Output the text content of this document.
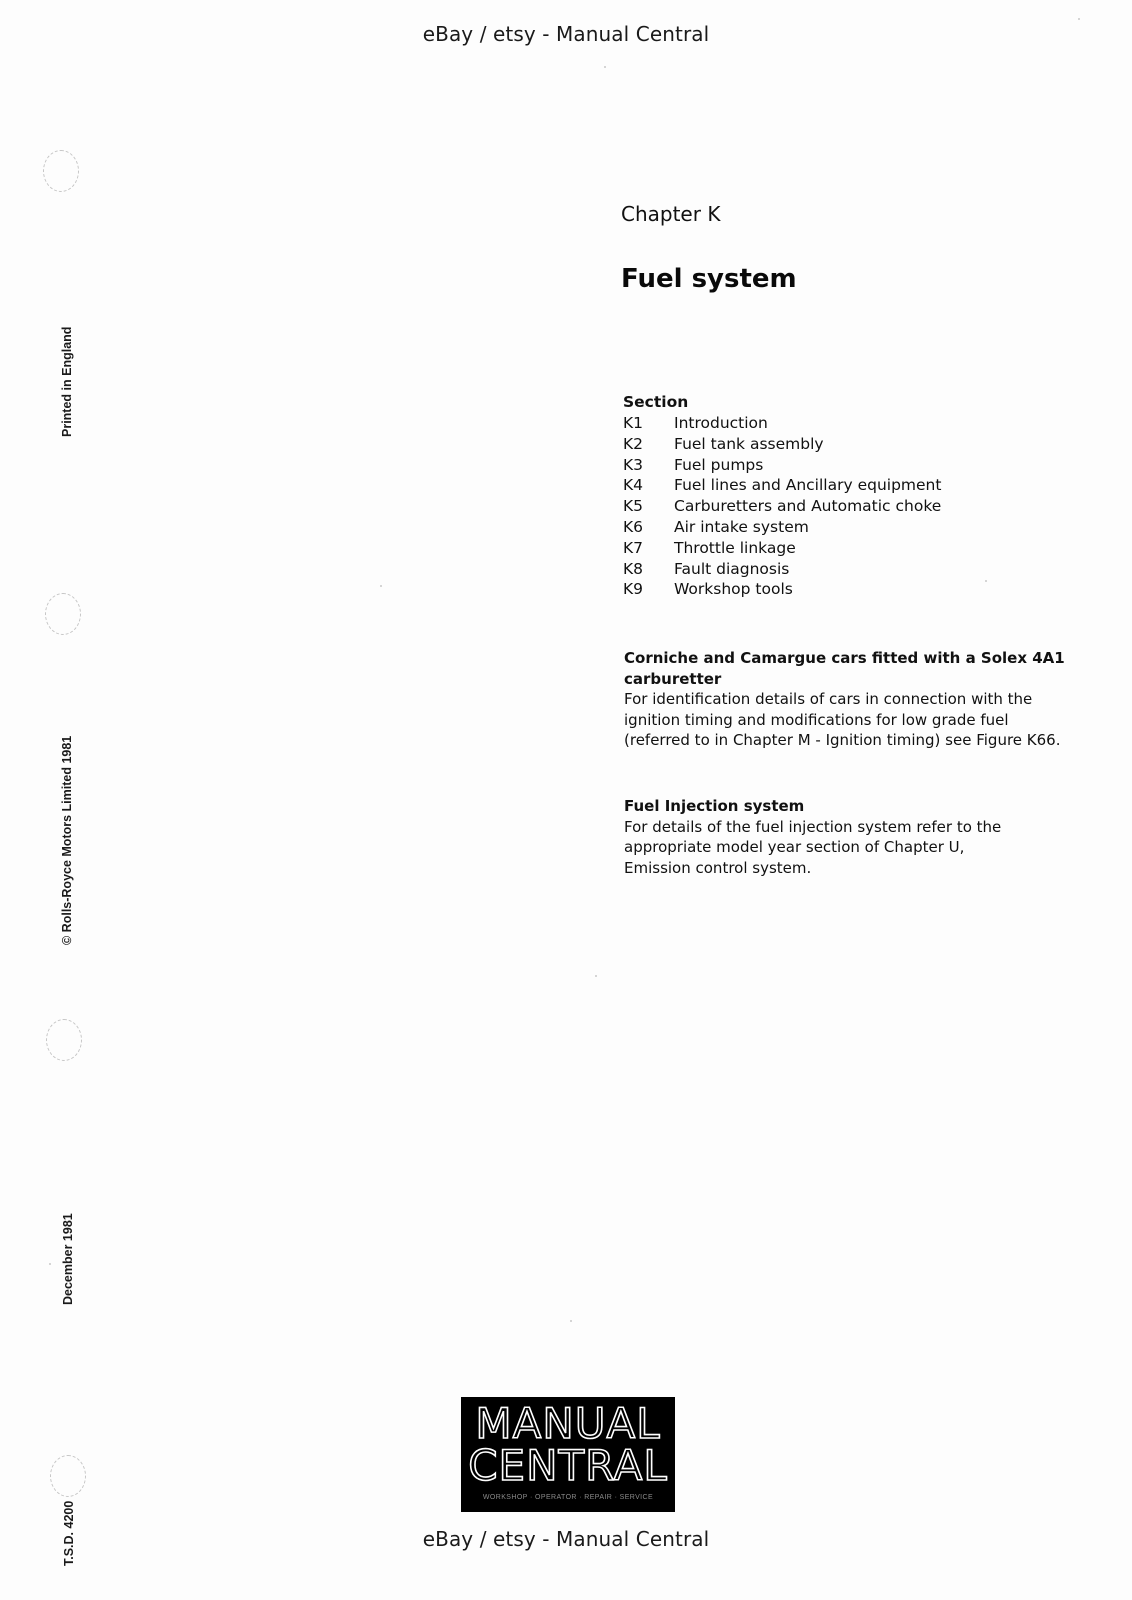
eBay / etsy - Manual Central
Printed in England
© Rolls-Royce Motors Limited 1981
December 1981
T.S.D. 4200
Chapter K
Fuel system
Section
K1	Introduction
K2	Fuel tank assembly
K3	Fuel pumps
K4	Fuel lines and Ancillary equipment
K5	Carburetters and Automatic choke
K6	Air intake system
K7	Throttle linkage
K8	Fault diagnosis
K9	Workshop tools
Corniche and Camargue cars fitted with a Solex 4A1 carburetter
For identification details of cars in connection with the ignition timing and modifications for low grade fuel (referred to in Chapter M - Ignition timing) see Figure K66.
Fuel Injection system
For details of the fuel injection system refer to the appropriate model year section of Chapter U, Emission control system.
MANUAL
CENTRAL
WORKSHOP · OPERATOR · REPAIR · SERVICE
eBay / etsy - Manual Central
